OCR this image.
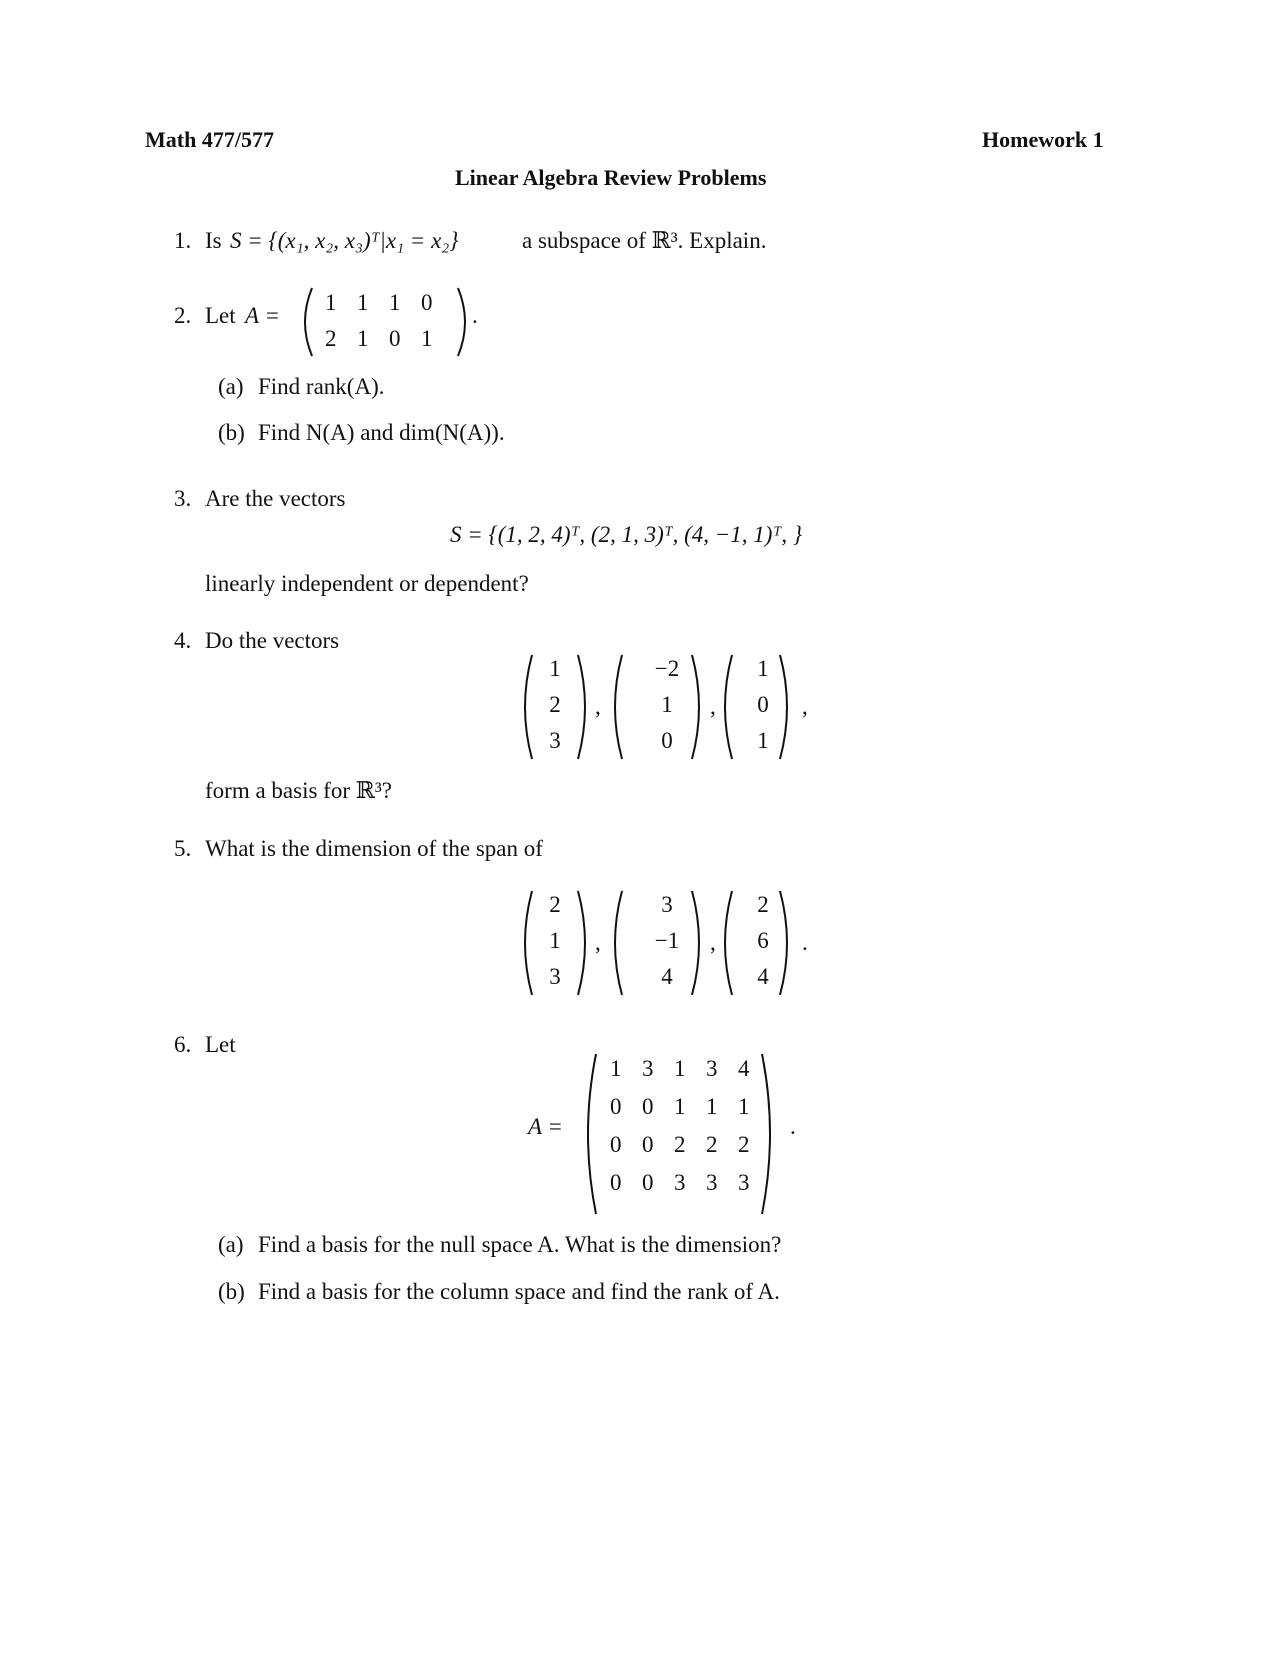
Math 477/577	Homework 1
Linear Algebra Review Problems
1. Is S = {(x₁, x₂, x₃)ᵀ|x₁ = x₂}	a subspace of ℝ³. Explain.
2. Let A =
1 1 1 0
2 1 0 1
.
(a) Find rank(A).
(b) Find N(A) and dim(N(A)).
3. Are the vectors
S = {(1, 2, 4)ᵀ, (2, 1, 3)ᵀ, (4, −1, 1)ᵀ, }
linearly independent or dependent?
4. Do the vectors
1
2
3
,
−2
1
0
,
1
0
1
,
form a basis for ℝ³?
5. What is the dimension of the span of
2
1
3
,
3
−1
4
,
2
6
4
.
6. Let
A =
1 3 1 3 4
0 0 1 1 1
0 0 2 2 2
0 0 3 3 3
.
(a) Find a basis for the null space A. What is the dimension?
(b) Find a basis for the column space and find the rank of A.
